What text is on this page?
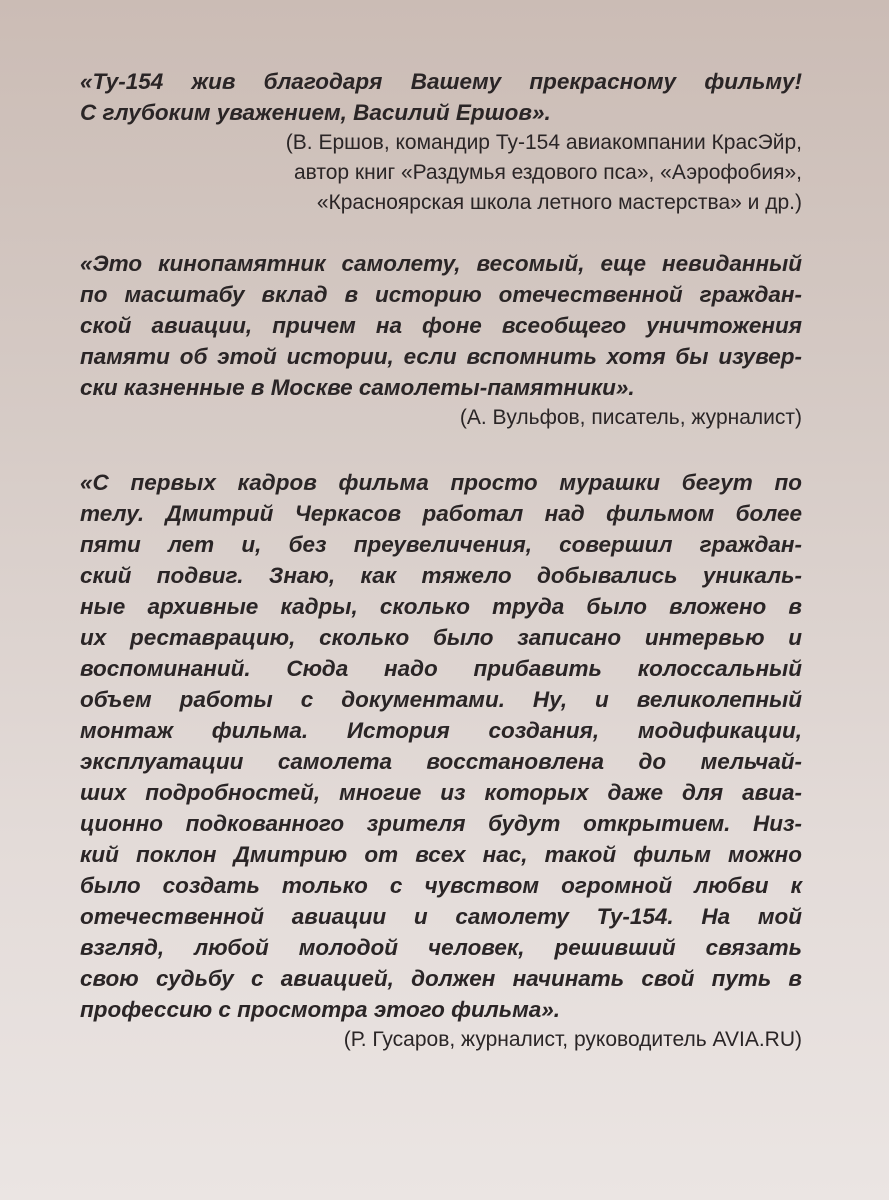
«Ту-154 жив благодаря Вашему прекрасному фильму!
С глубоким уважением, Василий Ершов».

(В. Ершов, командир Ту-154 авиакомпании КрасЭйр,
автор книг «Раздумья ездового пса», «Аэрофобия»,
«Красноярская школа летного мастерства» и др.)

«Это кинопамятник самолету, весомый, еще невиданный
по масштабу вклад в историю отечественной граждан-
ской авиации, причем на фоне всеобщего уничтожения
памяти об этой истории, если вспомнить хотя бы изувер-
ски казненные в Москве самолеты-памятники».

(А. Вульфов, писатель, журналист)

«С первых кадров фильма просто мурашки бегут по
телу. Дмитрий Черкасов работал над фильмом более
пяти лет и, без преувеличения, совершил граждан-
ский подвиг. Знаю, как тяжело добывались уникаль-
ные архивные кадры, сколько труда было вложено в
их реставрацию, сколько было записано интервью и
воспоминаний. Сюда надо прибавить колоссальный
объем работы с документами. Ну, и великолепный
монтаж фильма. История создания, модификации,
эксплуатации самолета восстановлена до мельчай-
ших подробностей, многие из которых даже для авиа-
ционно подкованного зрителя будут открытием. Низ-
кий поклон Дмитрию от всех нас, такой фильм можно
было создать только с чувством огромной любви к
отечественной авиации и самолету Ту-154. На мой
взгляд, любой молодой человек, решивший связать
свою судьбу с авиацией, должен начинать свой путь в
профессию с просмотра этого фильма».

(Р. Гусаров, журналист, руководитель AVIA.RU)
